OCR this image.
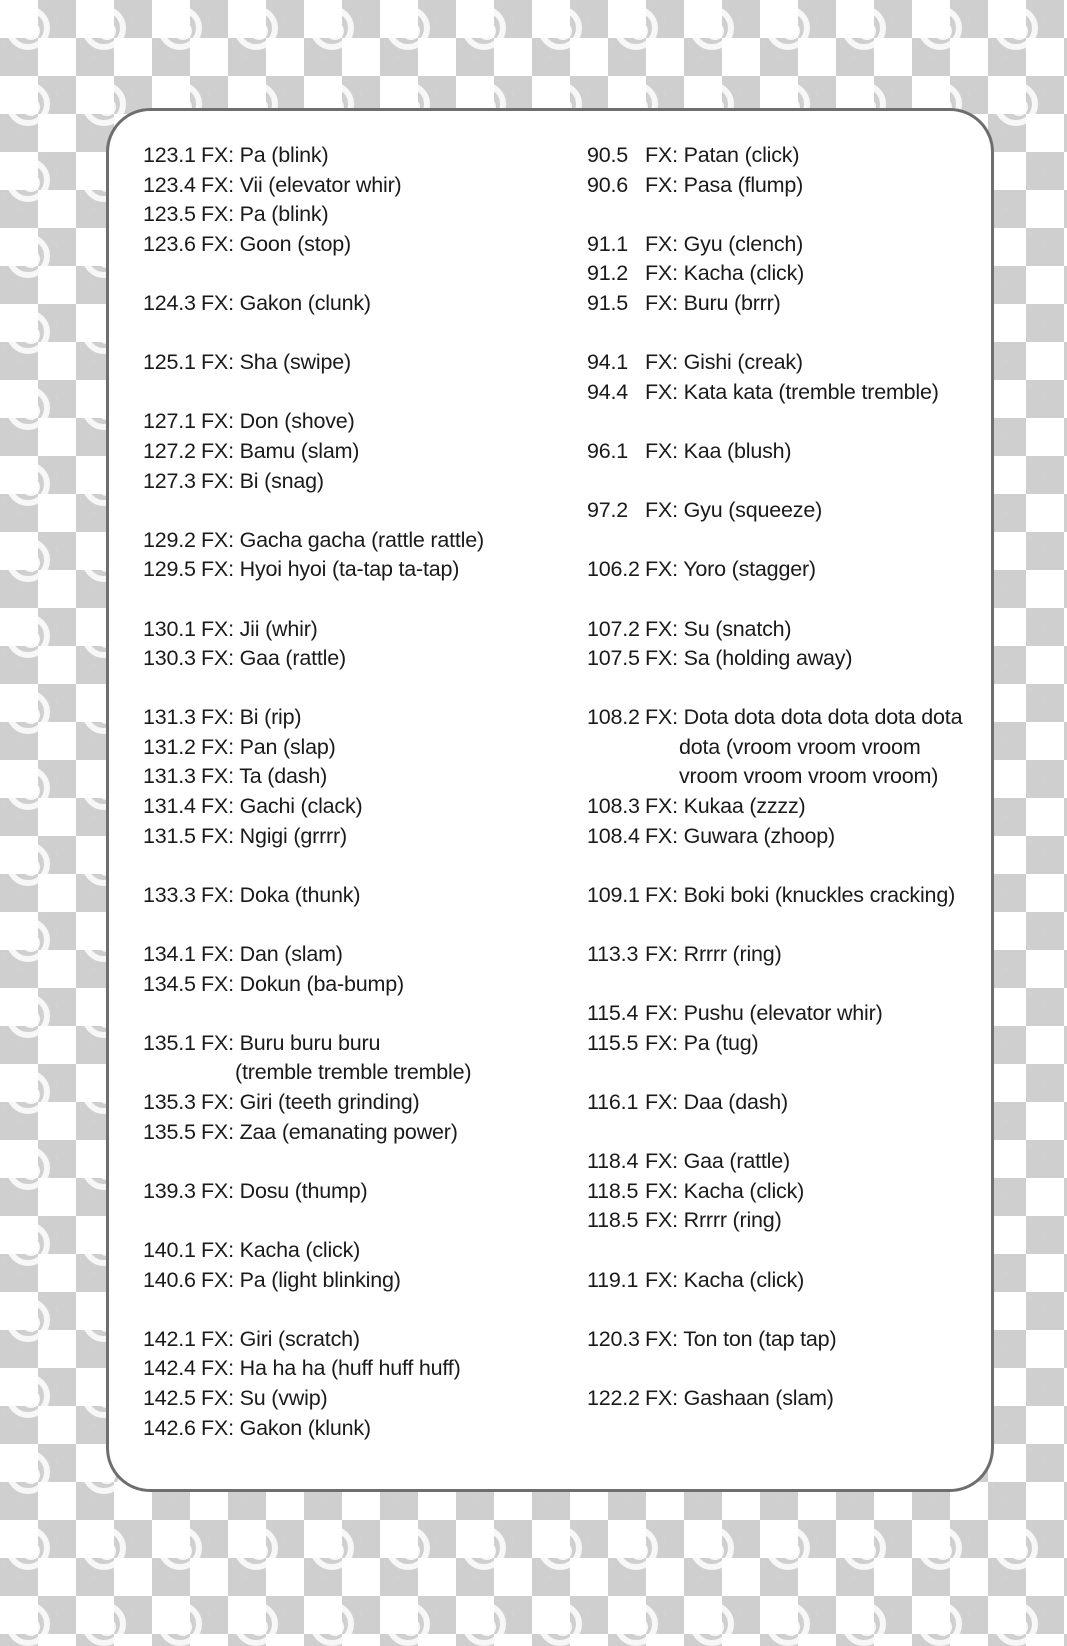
123.1 FX: Pa (blink)
123.4 FX: Vii (elevator whir)
123.5 FX: Pa (blink)
123.6 FX: Goon (stop)
124.3 FX: Gakon (clunk)
125.1 FX: Sha (swipe)
127.1 FX: Don (shove)
127.2 FX: Bamu (slam)
127.3 FX: Bi (snag)
129.2 FX: Gacha gacha (rattle rattle)
129.5 FX: Hyoi hyoi (ta-tap ta-tap)
130.1 FX: Jii (whir)
130.3 FX: Gaa (rattle)
131.3 FX: Bi (rip)
131.2 FX: Pan (slap)
131.3 FX: Ta (dash)
131.4 FX: Gachi (clack)
131.5 FX: Ngigi (grrrr)
133.3 FX: Doka (thunk)
134.1 FX: Dan (slam)
134.5 FX: Dokun (ba-bump)
135.1 FX: Buru buru buru
(tremble tremble tremble)
135.3 FX: Giri (teeth grinding)
135.5 FX: Zaa (emanating power)
139.3 FX: Dosu (thump)
140.1 FX: Kacha (click)
140.6 FX: Pa (light blinking)
142.1 FX: Giri (scratch)
142.4 FX: Ha ha ha (huff huff huff)
142.5 FX: Su (vwip)
142.6 FX: Gakon (klunk)
90.5 FX: Patan (click)
90.6 FX: Pasa (flump)
91.1 FX: Gyu (clench)
91.2 FX: Kacha (click)
91.5 FX: Buru (brrr)
94.1 FX: Gishi (creak)
94.4 FX: Kata kata (tremble tremble)
96.1 FX: Kaa (blush)
97.2 FX: Gyu (squeeze)
106.2 FX: Yoro (stagger)
107.2 FX: Su (snatch)
107.5 FX: Sa (holding away)
108.2 FX: Dota dota dota dota dota dota
dota (vroom vroom vroom
vroom vroom vroom vroom)
108.3 FX: Kukaa (zzzz)
108.4 FX: Guwara (zhoop)
109.1 FX: Boki boki (knuckles cracking)
113.3 FX: Rrrrr (ring)
115.4 FX: Pushu (elevator whir)
115.5 FX: Pa (tug)
116.1 FX: Daa (dash)
118.4 FX: Gaa (rattle)
118.5 FX: Kacha (click)
118.5 FX: Rrrrr (ring)
119.1 FX: Kacha (click)
120.3 FX: Ton ton (tap tap)
122.2 FX: Gashaan (slam)
